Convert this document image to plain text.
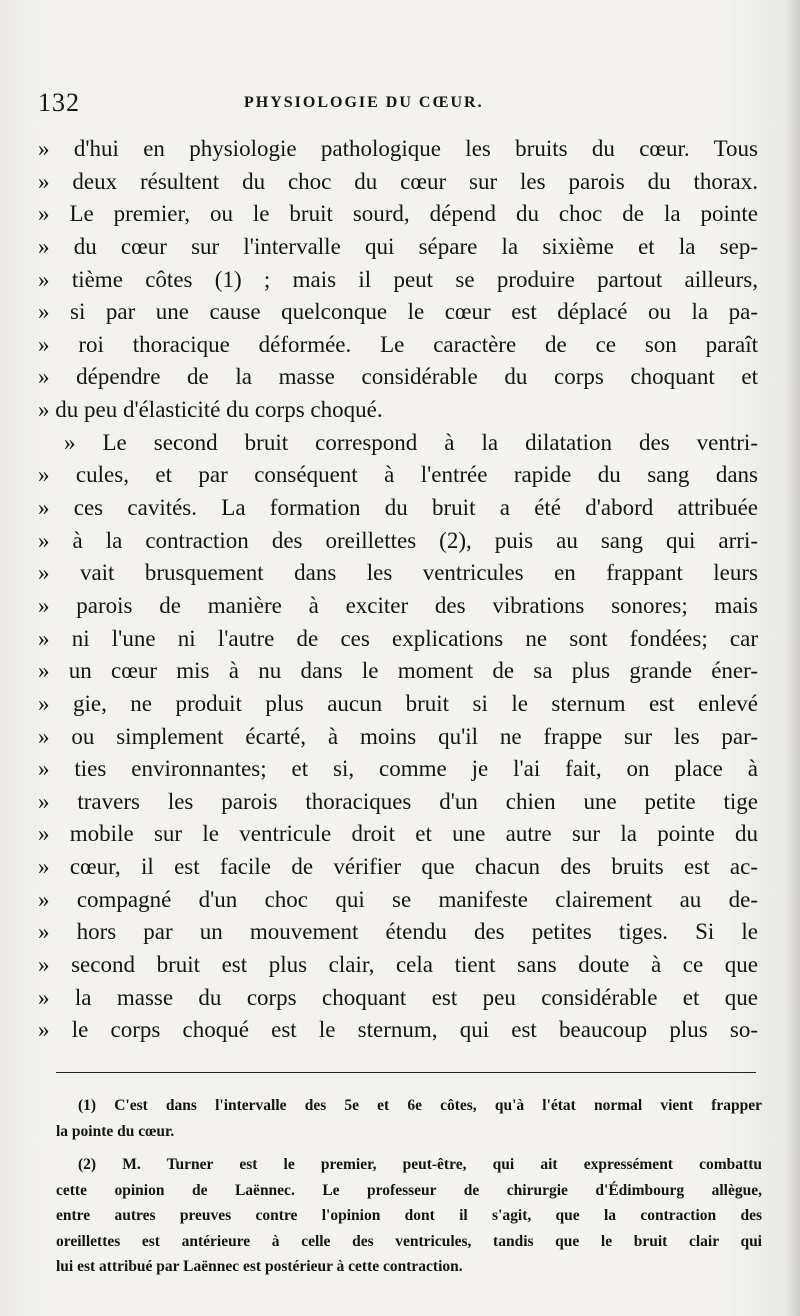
132	PHYSIOLOGIE DU CŒUR.
» d'hui en physiologie pathologique les bruits du cœur. Tous
» deux résultent du choc du cœur sur les parois du thorax.
» Le premier, ou le bruit sourd, dépend du choc de la pointe
» du cœur sur l'intervalle qui sépare la sixième et la sep-
» tième côtes (1) ; mais il peut se produire partout ailleurs,
» si par une cause quelconque le cœur est déplacé ou la pa-
» roi thoracique déformée. Le caractère de ce son paraît
» dépendre de la masse considérable du corps choquant et
» du peu d'élasticité du corps choqué.
» Le second bruit correspond à la dilatation des ventri-
» cules, et par conséquent à l'entrée rapide du sang dans
» ces cavités. La formation du bruit a été d'abord attribuée
» à la contraction des oreillettes (2), puis au sang qui arri-
» vait brusquement dans les ventricules en frappant leurs
» parois de manière à exciter des vibrations sonores; mais
» ni l'une ni l'autre de ces explications ne sont fondées; car
» un cœur mis à nu dans le moment de sa plus grande éner-
» gie, ne produit plus aucun bruit si le sternum est enlevé
» ou simplement écarté, à moins qu'il ne frappe sur les par-
» ties environnantes; et si, comme je l'ai fait, on place à
» travers les parois thoraciques d'un chien une petite tige
» mobile sur le ventricule droit et une autre sur la pointe du
» cœur, il est facile de vérifier que chacun des bruits est ac-
» compagné d'un choc qui se manifeste clairement au de-
» hors par un mouvement étendu des petites tiges. Si le
» second bruit est plus clair, cela tient sans doute à ce que
» la masse du corps choquant est peu considérable et que
» le corps choqué est le sternum, qui est beaucoup plus so-
(1) C'est dans l'intervalle des 5e et 6e côtes, qu'à l'état normal vient frapper
la pointe du cœur.
(2) M. Turner est le premier, peut-être, qui ait expressément combattu
cette opinion de Laënnec. Le professeur de chirurgie d'Édimbourg allègue,
entre autres preuves contre l'opinion dont il s'agit, que la contraction des
oreillettes est antérieure à celle des ventricules, tandis que le bruit clair qui
lui est attribué par Laënnec est postérieur à cette contraction.
